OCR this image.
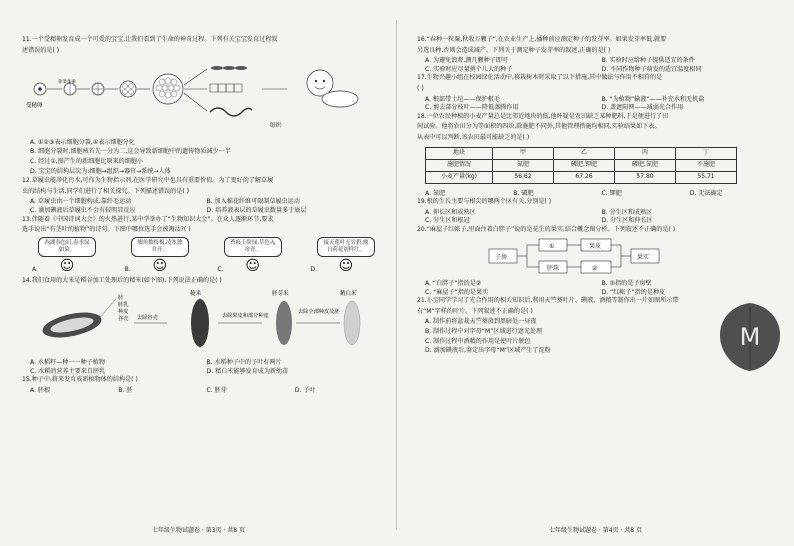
11.一个受精卵发育成一个可爱的宝宝,让我们看到了生命的神奇过程。下列有关宝宝发育过程叙
述错误的是( )
受精卵
①②③④
组织
A. ①②③表示细胞分裂,④表示细胞分化
B. 细胞分裂时,细胞核首先一分为二,这会导致新细胞中的遗传物质减少一半
C. 经过①,图产生的新细胞比原来的细胞小
D. 宝宝的结构层次为:细胞→组织→器官→系统→人体
12.草履虫能净化污水,可作为生物指示剂,在医学研究中也具有重要价值。为了更好的了解草履
虫的结构与生活,同学们进行了相关探究。下列描述错误的是( )
A. 草履虫由一个细胞构成,靠纤毛运动	B. 加入棉花纤维可限制草履虫运动
C. 滴加碘液后草履虫不会有较明显反应	D. 培养液表层的草履虫数量多于底层
13.伴随着《中国诗词大会》的火热进行,某中学举办了“生物知识大会”。在众人逐渐环节,要求
选手说出“有茎叶的植物”的诗句。下图中哪位选手会被淘汰?( )
A.
西湖春色归,春水绿如染。
☺	B.
墙角数枝梅,凌寒独自开。
☺	C.
苔痕上阶绿,草色入帘青。
☺	D.
接天莲叶无穷碧,映日荷花别样红。
☺
14.我们食用的大米是稻谷加工处理后的精米(如下图),下列说法正确的是( )
胚
胚乳
种皮
谷壳 去除谷壳
糙米
去除果皮和部分种皮
胚芽米
去除全部种皮及胚
精白米
A. 水稻籽—种一一种子植物	B. 水稻种子中的子叶有两片
C. 水稻的营养主要来自胚乳	D. 精白米能够发育成为新幼苗
15.种子中,将来发育成新植物体的结构是( )
A. 胚根	B. 胚	C. 胚芽	D. 子叶
七年级生物试题卷 · 第3页 · 共8 页
16.“春种一粒粟,秋收万颗子”,在农业生产上,播种前应测定种子的发芽率。如果发芽率低,就要
另选良种,否则会造成减产。下列关于测定种子发芽率的叙述,正确的是( )
A. 为避免浪费,测几颗种子即可	B. 实验时应给种子提供适宜的条件
C. 实验时应尽量挑个儿大的种子	D. 不同作物种子萌发的适宜温度相同
17.生物兴趣小组在校园绿化活动中,移栽树木时采取了以下措施,其中做法与作用不相符的是
( )
A. 根部带土坨——保护根毛	B. “为植物”输液”——补充水和无机盐
C. 剪去部分枝叶——降低蒸腾作用	D. 盖遮阳网——减弱光合作用
18.一位农民种植的小麦产量总是比邻近地块的低,他怀疑是农田缺乏某种肥料,于是便进行了田
间试验。他将农田分为等面积的四块,除施肥不同外,其他管理措施均相同,实验结果如下表。
从表中可以判断,该农田最可能缺乏的是( )
地块	甲	乙	丙	丁
施肥情况	氮肥	磷肥,钾肥	磷肥,氮肥	不施肥
小麦产量(kg)	56.62	67.26	57.80	55.71
A. 氮肥	B. 磷肥	C. 钾肥	D. 无法确定
19.根的生长主要与根尖的哪两个区有关,分别是( )
A. 伸长区和成熟区	B. 分生区和成熟区
C. 分生区和根冠	D. 分生区和伸长区
20.“麻屋子红帐子,里面住着白胖子”说的是花生的果实,结合概念图分析。下列叙述不正确的是( )
子房
①
胚珠
果皮
②
果实
A. “白胖子”指的是②	B. ①指的是子房壁
C. “麻屋子”指的是果实	D. “红帐子”指的是种皮
21.小宝同学学习了光合作用的相关知识后,利用天竺葵叶片、碘液、酒精等制作出一片如图所示带
有“M”字样的叶片。下列叙述不正确的是( )
A. 制作前将盆栽天竺葵放到黑暗处一昼夜
B. 制作过程中对字母“M”区域进行遮光处理
C. 制作过程中酒精的作用是使叶片脱色
D. 滴加碘液后,鉴定出字母“M”区域产生了淀粉	M
七年级生物试题卷 · 第4页 · 共8 页
